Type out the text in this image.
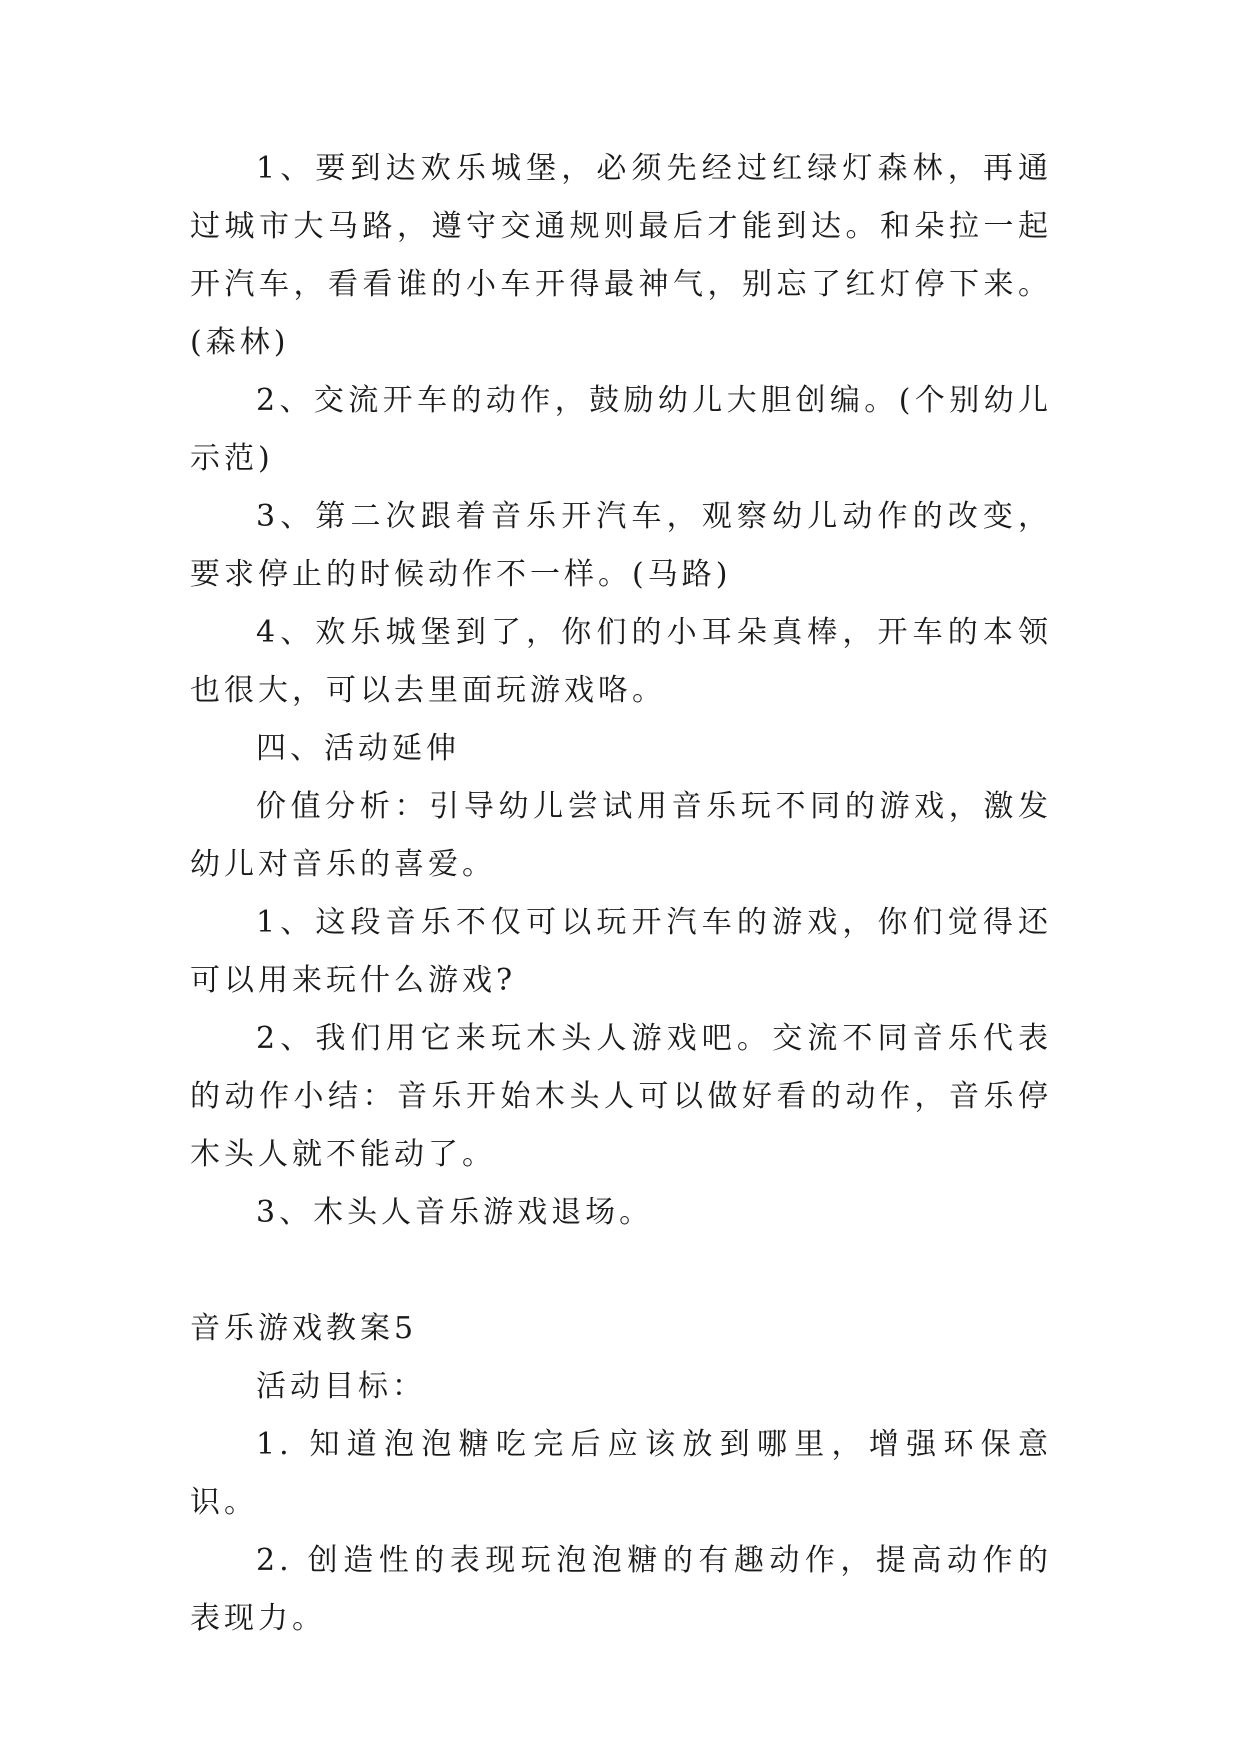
1、要到达欢乐城堡，必须先经过红绿灯森林，再通过城市大马路，遵守交通规则最后才能到达。和朵拉一起开汽车，看看谁的小车开得最神气，别忘了红灯停下来。(森林)

2、交流开车的动作，鼓励幼儿大胆创编。(个别幼儿示范)

3、第二次跟着音乐开汽车，观察幼儿动作的改变，要求停止的时候动作不一样。(马路)

4、欢乐城堡到了，你们的小耳朵真棒，开车的本领也很大，可以去里面玩游戏咯。

四、活动延伸

价值分析：引导幼儿尝试用音乐玩不同的游戏，激发幼儿对音乐的喜爱。

1、这段音乐不仅可以玩开汽车的游戏，你们觉得还可以用来玩什么游戏?

2、我们用它来玩木头人游戏吧。交流不同音乐代表的动作小结：音乐开始木头人可以做好看的动作，音乐停木头人就不能动了。

3、木头人音乐游戏退场。

音乐游戏教案5

活动目标：

1. 知道泡泡糖吃完后应该放到哪里，增强环保意识。

2. 创造性的表现玩泡泡糖的有趣动作，提高动作的表现力。
